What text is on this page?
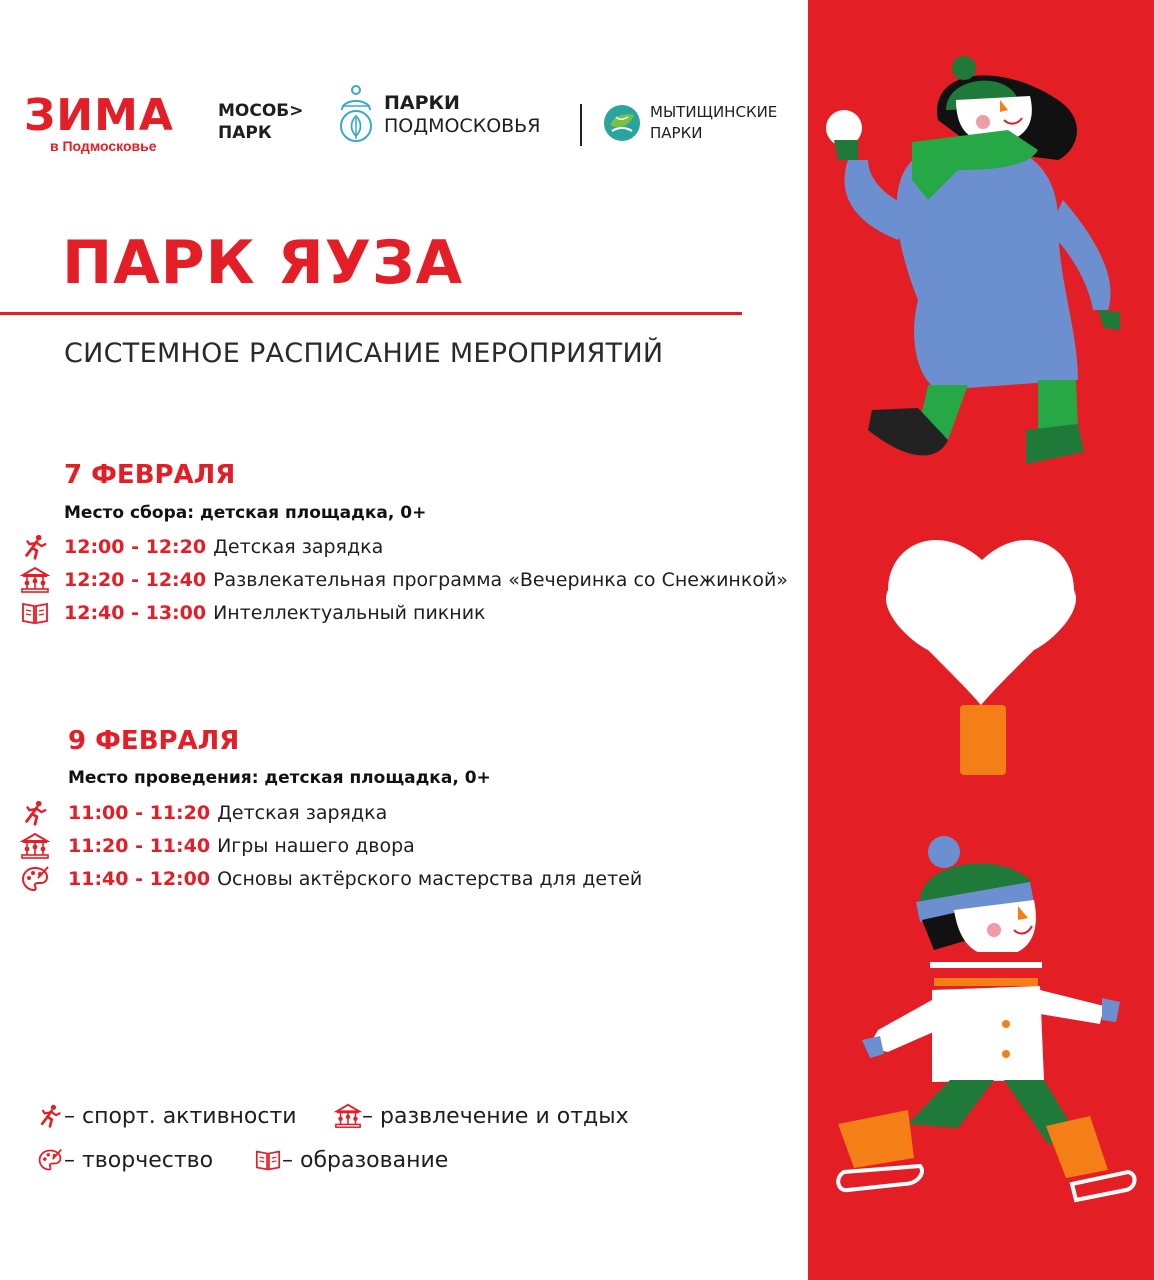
ЗИМА
в Подмосковье
МОСОБ>
ПАРК
ПАРКИ
ПОДМОСКОВЬЯ
МЫТИЩИНСКИЕ
ПАРКИ
ПАРК ЯУЗА
СИСТЕМНОЕ РАСПИСАНИЕ МЕРОПРИЯТИЙ
7 ФЕВРАЛЯ
Место сбора: детская площадка, 0+
12:00 - 12:20 Детская зарядка
12:20 - 12:40 Развлекательная программа «Вечеринка со Снежинкой»
12:40 - 13:00 Интеллектуальный пикник
9 ФЕВРАЛЯ
Место проведения: детская площадка, 0+
11:00 - 11:20 Детская зарядка
11:20 - 11:40 Игры нашего двора
11:40 - 12:00 Основы актёрского мастерства для детей
– спорт. активности	– развлечение и отдых
– творчество	– образование
